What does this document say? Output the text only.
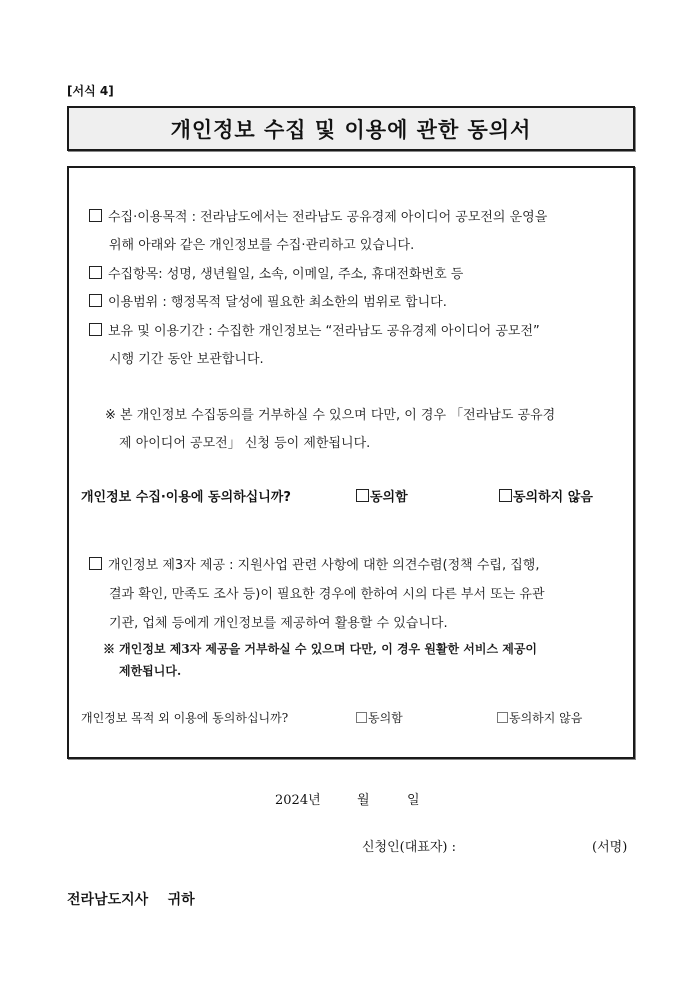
[서식 4]
개인정보 수집 및 이용에 관한 동의서
수집·이용목적 : 전라남도에서는 전라남도 공유경제 아이디어 공모전의 운영을
위해 아래와 같은 개인정보를 수집·관리하고 있습니다.
수집항목: 성명, 생년월일, 소속, 이메일, 주소, 휴대전화번호 등
이용범위 : 행정목적 달성에 필요한 최소한의 범위로 합니다.
보유 및 이용기간 : 수집한 개인정보는 “전라남도 공유경제 아이디어 공모전”
시행 기간 동안 보관합니다.
※ 본 개인정보 수집동의를 거부하실 수 있으며 다만, 이 경우 「전라남도 공유경
제 아이디어 공모전」 신청 등이 제한됩니다.
개인정보 수집·이용에 동의하십니까?	동의함	동의하지 않음
개인정보 제3자 제공 : 지원사업 관련 사항에 대한 의견수렴(정책 수립, 집행,
결과 확인, 만족도 조사 등)이 필요한 경우에 한하여 시의 다른 부서 또는 유관
기관, 업체 등에게 개인정보를 제공하여 활용할 수 있습니다.
※ 개인정보 제3자 제공을 거부하실 수 있으며 다만, 이 경우 원활한 서비스 제공이
제한됩니다.
개인정보 목적 외 이용에 동의하십니까?	동의함	동의하지 않음
2024년	월	일
신청인(대표자) :	(서명)
전라남도지사 귀하
